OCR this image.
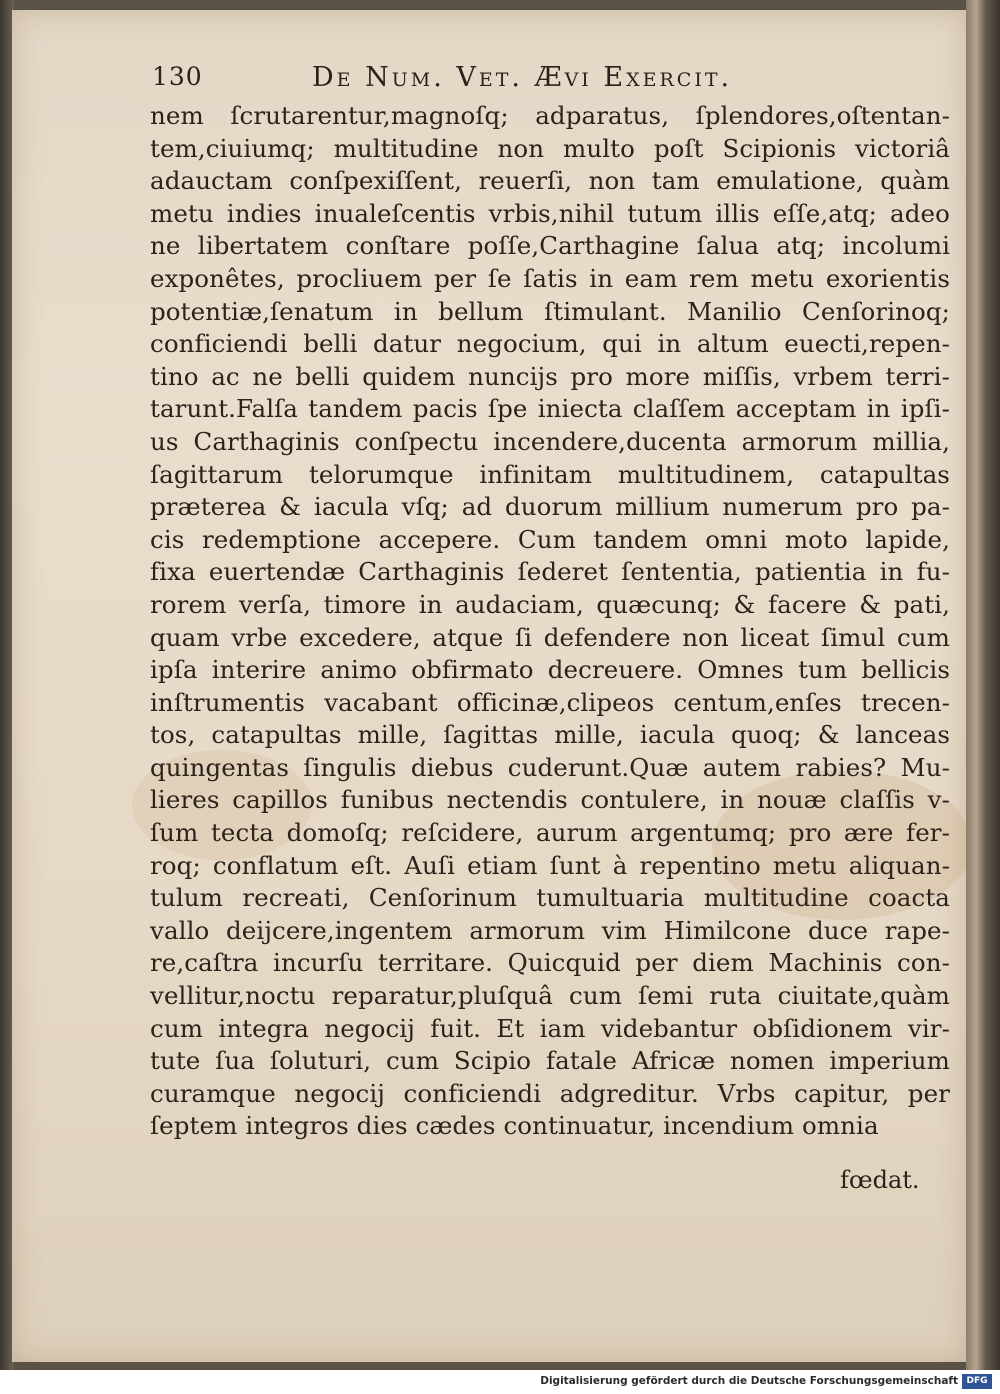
130	De Num. Vet. Ævi Exercit.
nem ſcrutarentur,magnoſq; adparatus, ſplendores,oſtentan-
tem,ciuiumq; multitudine non multo poſt Scipionis victoriâ
adauctam conſpexiſſent, reuerſi, non tam emulatione, quàm
metu indies inualeſcentis vrbis,nihil tutum illis eſſe,atq; adeo
ne libertatem conſtare poſſe,Carthagine ſalua atq; incolumi
exponêtes, procliuem per ſe ſatis in eam rem metu exorientis
potentiæ,ſenatum in bellum ſtimulant. Manilio Cenſorinoq;
conficiendi belli datur negocium, qui in altum euecti,repen-
tino ac ne belli quidem nuncijs pro more miſſis, vrbem terri-
tarunt.Falſa tandem pacis ſpe iniecta claſſem acceptam in ipſi-
us Carthaginis conſpectu incendere,ducenta armorum millia,
ſagittarum telorumque infinitam multitudinem, catapultas
præterea & iacula vſq; ad duorum millium numerum pro pa-
cis redemptione accepere. Cum tandem omni moto lapide,
fixa euertendæ Carthaginis ſederet ſententia, patientia in fu-
rorem verſa, timore in audaciam, quæcunq; & facere & pati,
quam vrbe excedere, atque ſi defendere non liceat ſimul cum
ipſa interire animo obfirmato decreuere. Omnes tum bellicis
inſtrumentis vacabant officinæ,clipeos centum,enſes trecen-
tos, catapultas mille, ſagittas mille, iacula quoq; & lanceas
quingentas ſingulis diebus cuderunt.Quæ autem rabies? Mu-
lieres capillos funibus nectendis contulere, in nouæ claſſis v-
ſum tecta domoſq; reſcidere, aurum argentumq; pro ære fer-
roq; conflatum eſt. Auſi etiam ſunt à repentino metu aliquan-
tulum recreati, Cenſorinum tumultuaria multitudine coacta
vallo deijcere,ingentem armorum vim Himilcone duce rape-
re,caſtra incurſu territare. Quicquid per diem Machinis con-
vellitur,noctu reparatur,pluſquâ cum ſemi ruta ciuitate,quàm
cum integra negocij fuit. Et iam videbantur obſidionem vir-
tute ſua ſoluturi, cum Scipio fatale Africæ nomen imperium
curamque negocij conficiendi adgreditur. Vrbs capitur, per
ſeptem integros dies cædes continuatur, incendium omnia
fœdat.
Digitalisierung gefördert durch die Deutsche Forschungsgemeinschaft DFG
